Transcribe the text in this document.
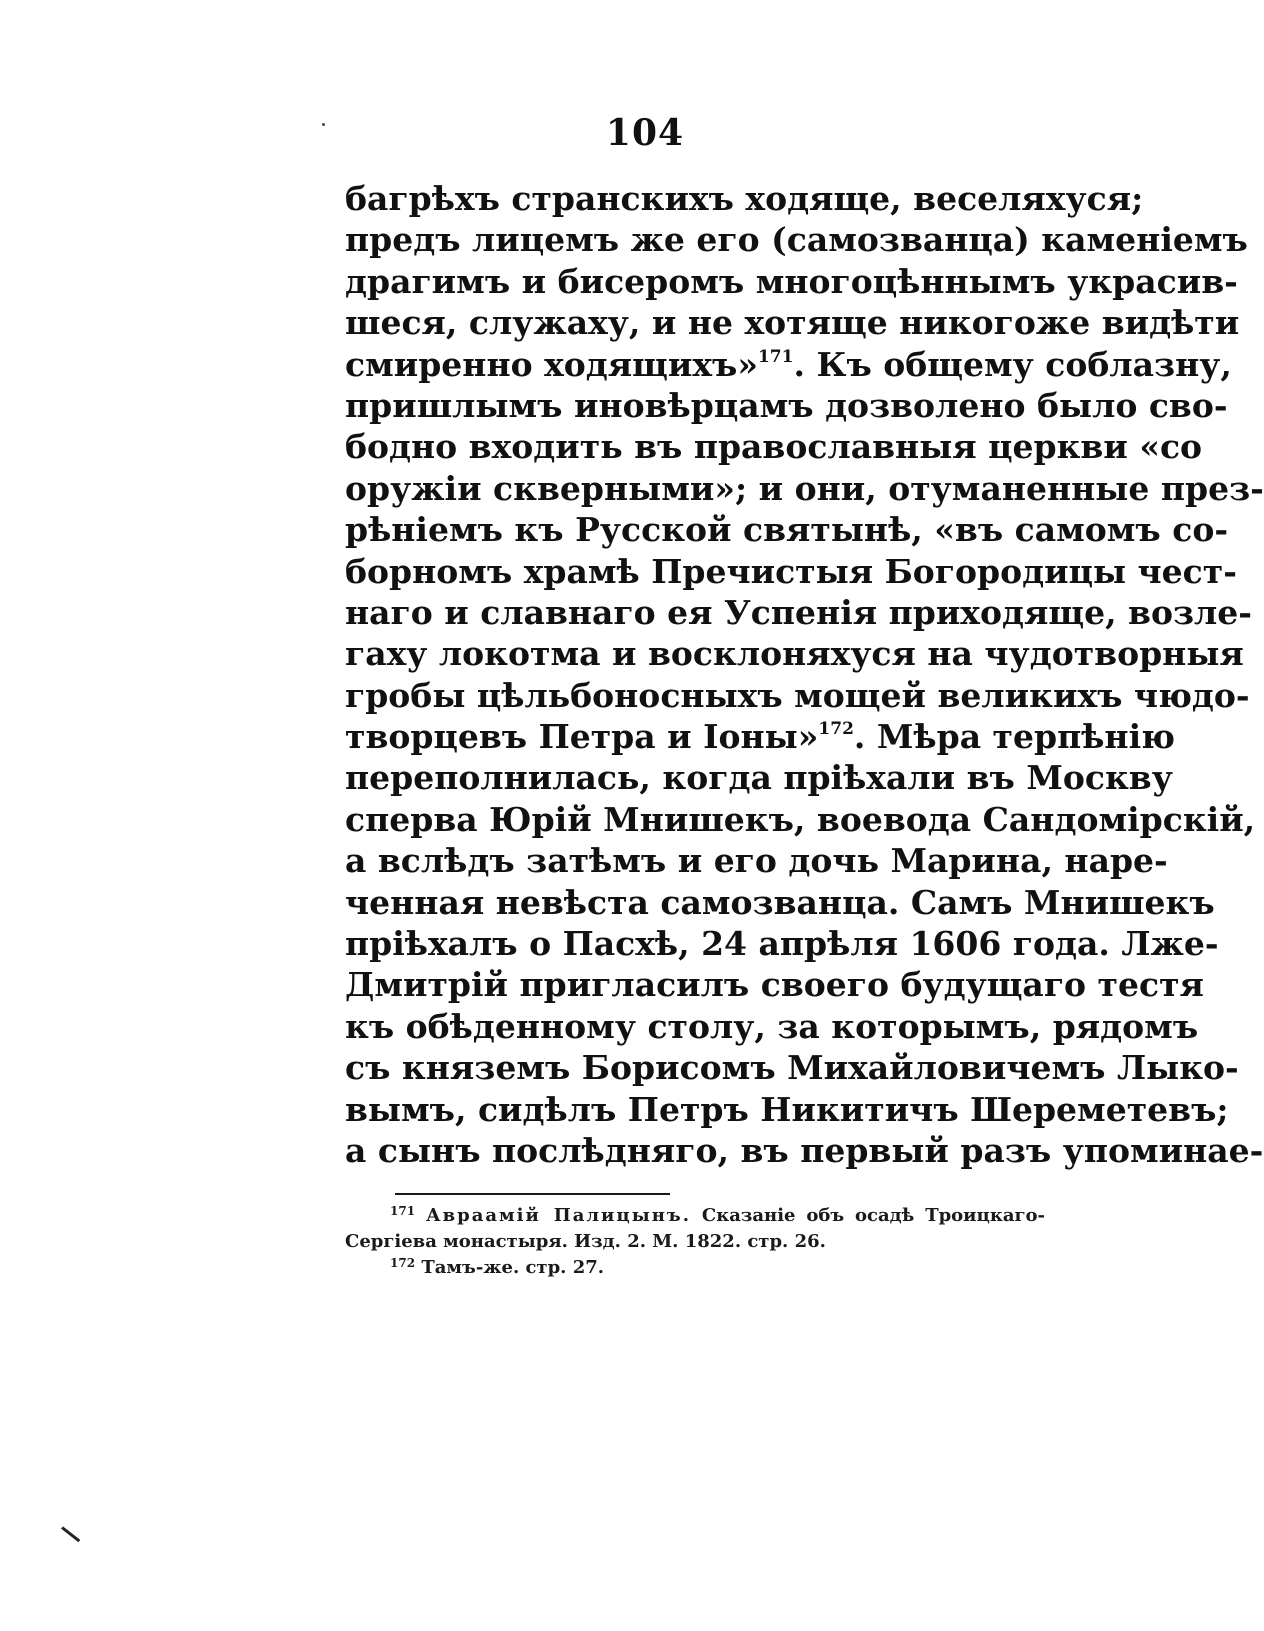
104
багрѣхъ странскихъ ходяще, веселяхуся;
предъ лицемъ же его (самозванца) каменіемъ
драгимъ и бисеромъ многоцѣннымъ украсив-
шеся, служаху, и не хотяще никогоже видѣти
смиренно ходящихъ»$^{171}$. Къ общему соблазну,
пришлымъ иновѣрцамъ дозволено было сво-
бодно входить въ православныя церкви «со
оружіи скверными»; и они, отуманенные през-
рѣніемъ къ Русской святынѣ, «въ самомъ со-
борномъ храмѣ Пречистыя Богородицы чест-
наго и славнаго ея Успенія приходяще, возле-
гаху локотма и восклоняхуся на чудотворныя
гробы цѣльбоносныхъ мощей великихъ чюдо-
творцевъ Петра и Іоны»$^{172}$. Мѣра терпѣнію
переполнилась, когда пріѣхали въ Москву
сперва Юрій Мнишекъ, воевода Сандомірскій,
а вслѣдъ затѣмъ и его дочь Марина, наре-
ченная невѣста самозванца. Самъ Мнишекъ
пріѣхалъ о Пасхѣ, 24 апрѣля 1606 года. Лже-
Дмитрій пригласилъ своего будущаго тестя
къ обѣденному столу, за которымъ, рядомъ
съ княземъ Борисомъ Михайловичемъ Лыко-
вымъ, сидѣлъ Петръ Никитичъ Шереметевъ;
а сынъ послѣдняго, въ первый разъ упоминае-
$^{171}$ Авраамій Палицынъ. Сказаніе объ осадѣ Троицкаго-
Сергіева монастыря. Изд. 2. М. 1822. стр. 26.
$^{172}$ Тамъ-же. стр. 27.
